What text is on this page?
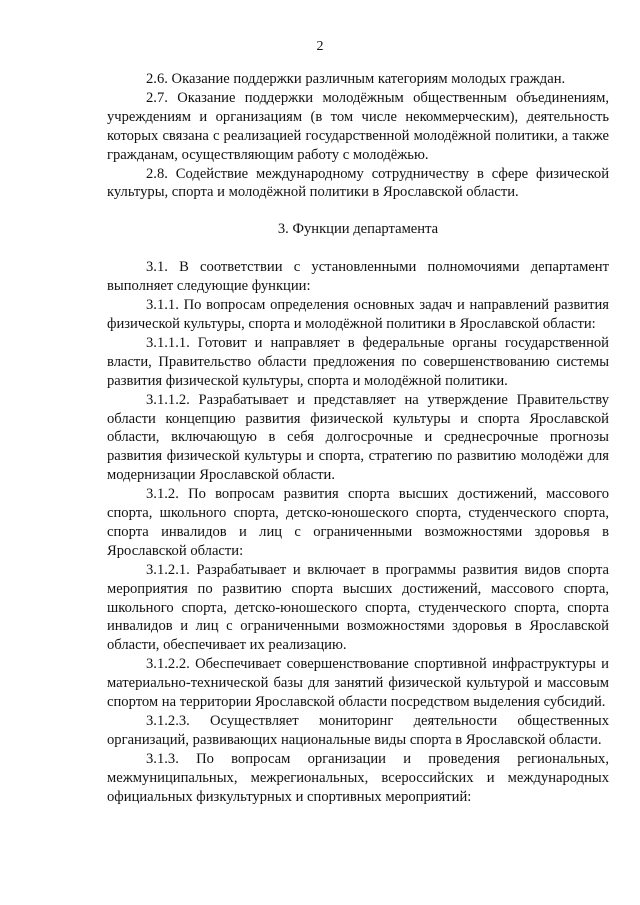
2

2.6. Оказание поддержки различным категориям молодых граждан.

2.7. Оказание поддержки молодёжным общественным объединениям, учреждениям и организациям (в том числе некоммерческим), деятельность которых связана с реализацией государственной молодёжной политики, а также гражданам, осуществляющим работу с молодёжью.

2.8. Содействие международному сотрудничеству в сфере физической культуры, спорта и молодёжной политики в Ярославской области.

3. Функции департамента

3.1. В соответствии с установленными полномочиями департамент выполняет следующие функции:

3.1.1. По вопросам определения основных задач и направлений развития физической культуры, спорта и молодёжной политики в Ярославской области:

3.1.1.1. Готовит и направляет в федеральные органы государственной власти, Правительство области предложения по совершенствованию системы развития физической культуры, спорта и молодёжной политики.

3.1.1.2. Разрабатывает и представляет на утверждение Правительству области концепцию развития физической культуры и спорта Ярославской области, включающую в себя долгосрочные и среднесрочные прогнозы развития физической культуры и спорта, стратегию по развитию молодёжи для модернизации Ярославской области.

3.1.2. По вопросам развития спорта высших достижений, массового спорта, школьного спорта, детско-юношеского спорта, студенческого спорта, спорта инвалидов и лиц с ограниченными возможностями здоровья в Ярославской области:

3.1.2.1. Разрабатывает и включает в программы развития видов спорта мероприятия по развитию спорта высших достижений, массового спорта, школьного спорта, детско-юношеского спорта, студенческого спорта, спорта инвалидов и лиц с ограниченными возможностями здоровья в Ярославской области, обеспечивает их реализацию.

3.1.2.2. Обеспечивает совершенствование спортивной инфраструктуры и материально-технической базы для занятий физической культурой и массовым спортом на территории Ярославской области посредством выделения субсидий.

3.1.2.3. Осуществляет мониторинг деятельности общественных организаций, развивающих национальные виды спорта в Ярославской области.

3.1.3. По вопросам организации и проведения региональных, межмуниципальных, межрегиональных, всероссийских и международных официальных физкультурных и спортивных мероприятий:
